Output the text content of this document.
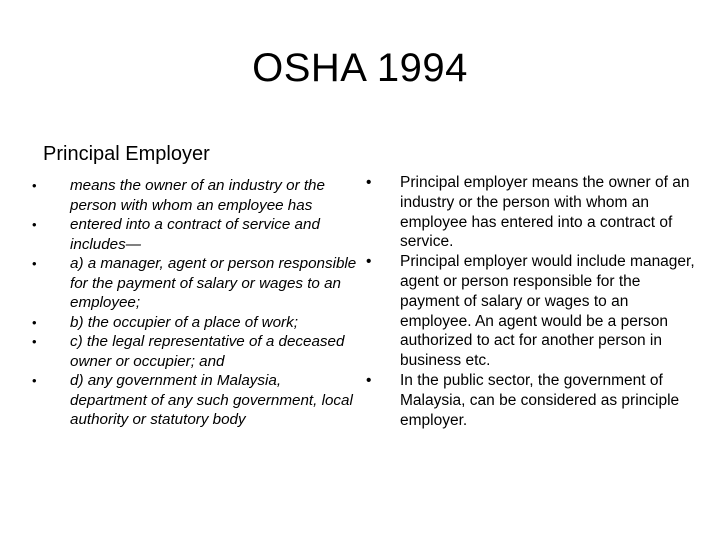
OSHA 1994
Principal Employer
• means the owner of an industry or the person with whom an employee has
• entered into a contract of service and includes—
• a) a manager, agent or person responsible for the payment of salary or wages to an employee;
• b) the occupier of a place of work;
• c) the legal representative of a deceased owner or occupier; and
• d) any government in Malaysia, department of any such government, local authority or statutory body
• Principal employer means the owner of an industry or the person with whom an employee has entered into a contract of service.
• Principal employer would include manager, agent or person responsible for the payment of salary or wages to an employee. An agent would be a person authorized to act for another person in business etc.
• In the public sector, the government of Malaysia, can be considered as principle employer.
